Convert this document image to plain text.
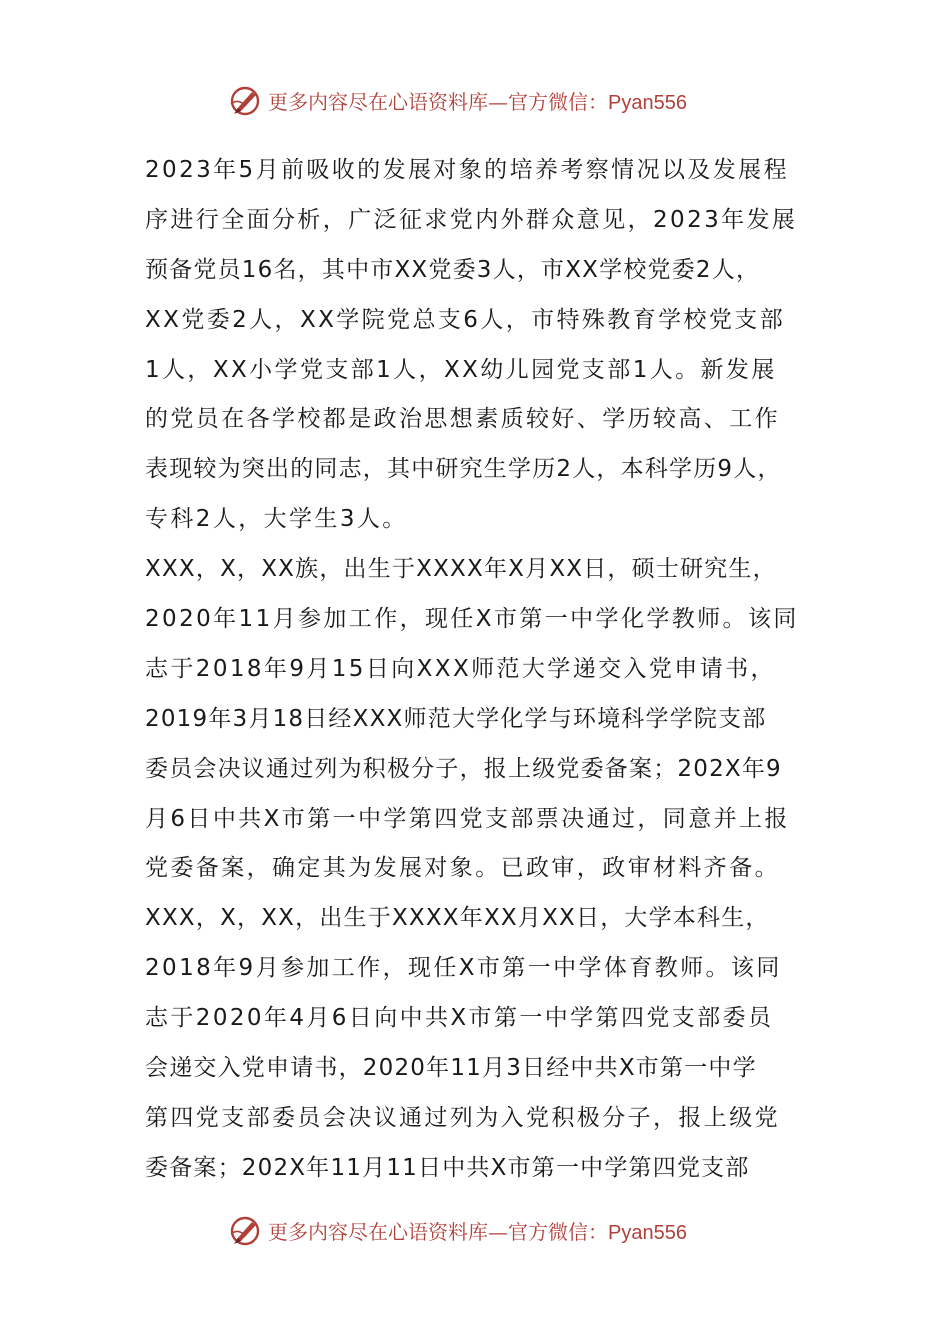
更多内容尽在心语资料库—官方微信：Pyan556
2023年5月前吸收的发展对象的培养考察情况以及发展程
序进行全面分析，广泛征求党内外群众意见，2023年发展
预备党员16名，其中市XX党委3人，市XX学校党委2人，
XX党委2人，XX学院党总支6人，市特殊教育学校党支部
1人，XX小学党支部1人，XX幼儿园党支部1人。新发展
的党员在各学校都是政治思想素质较好、学历较高、工作
表现较为突出的同志，其中研究生学历2人，本科学历9人，
专科2人，大学生3人。
XXX，X，XX族，出生于XXXX年X月XX日，硕士研究生，
2020年11月参加工作，现任X市第一中学化学教师。该同
志于2018年9月15日向XXX师范大学递交入党申请书，
2019年3月18日经XXX师范大学化学与环境科学学院支部
委员会决议通过列为积极分子，报上级党委备案；202X年9
月6日中共X市第一中学第四党支部票决通过，同意并上报
党委备案，确定其为发展对象。已政审，政审材料齐备。
XXX，X，XX，出生于XXXX年XX月XX日，大学本科生，
2018年9月参加工作，现任X市第一中学体育教师。该同
志于2020年4月6日向中共X市第一中学第四党支部委员
会递交入党申请书，2020年11月3日经中共X市第一中学
第四党支部委员会决议通过列为入党积极分子，报上级党
委备案；202X年11月11日中共X市第一中学第四党支部
更多内容尽在心语资料库—官方微信：Pyan556
